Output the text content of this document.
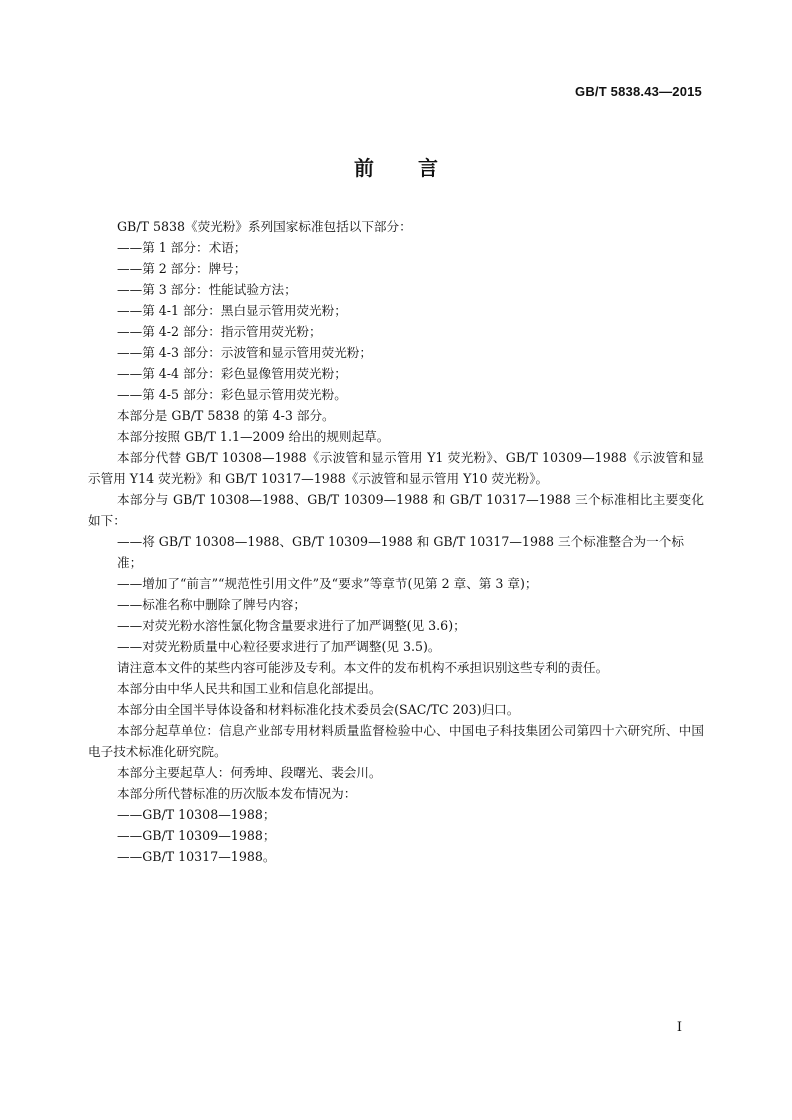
GB/T 5838.43—2015
前言

GB/T 5838《荧光粉》系列国家标准包括以下部分：

——第 1 部分：术语；

——第 2 部分：牌号；

——第 3 部分：性能试验方法；

——第 4-1 部分：黑白显示管用荧光粉；

——第 4-2 部分：指示管用荧光粉；

——第 4-3 部分：示波管和显示管用荧光粉；

——第 4-4 部分：彩色显像管用荧光粉；

——第 4-5 部分：彩色显示管用荧光粉。

本部分是 GB/T 5838 的第 4-3 部分。

本部分按照 GB/T 1.1—2009 给出的规则起草。

本部分代替 GB/T 10308—1988《示波管和显示管用 Y1 荧光粉》、GB/T 10309—1988《示波管和显示管用 Y14 荧光粉》和 GB/T 10317—1988《示波管和显示管用 Y10 荧光粉》。

本部分与 GB/T 10308—1988、GB/T 10309—1988 和 GB/T 10317—1988 三个标准相比主要变化如下：

——将 GB/T 10308—1988、GB/T 10309—1988 和 GB/T 10317—1988 三个标准整合为一个标准；

——增加了“前言”“规范性引用文件”及“要求”等章节(见第 2 章、第 3 章)；

——标准名称中删除了牌号内容；

——对荧光粉水溶性氯化物含量要求进行了加严调整(见 3.6)；

——对荧光粉质量中心粒径要求进行了加严调整(见 3.5)。

请注意本文件的某些内容可能涉及专利。本文件的发布机构不承担识别这些专利的责任。

本部分由中华人民共和国工业和信息化部提出。

本部分由全国半导体设备和材料标准化技术委员会(SAC/TC 203)归口。

本部分起草单位：信息产业部专用材料质量监督检验中心、中国电子科技集团公司第四十六研究所、中国电子技术标准化研究院。

本部分主要起草人：何秀坤、段曙光、裴会川。

本部分所代替标准的历次版本发布情况为：

——GB/T 10308—1988；

——GB/T 10309—1988；

——GB/T 10317—1988。

I
